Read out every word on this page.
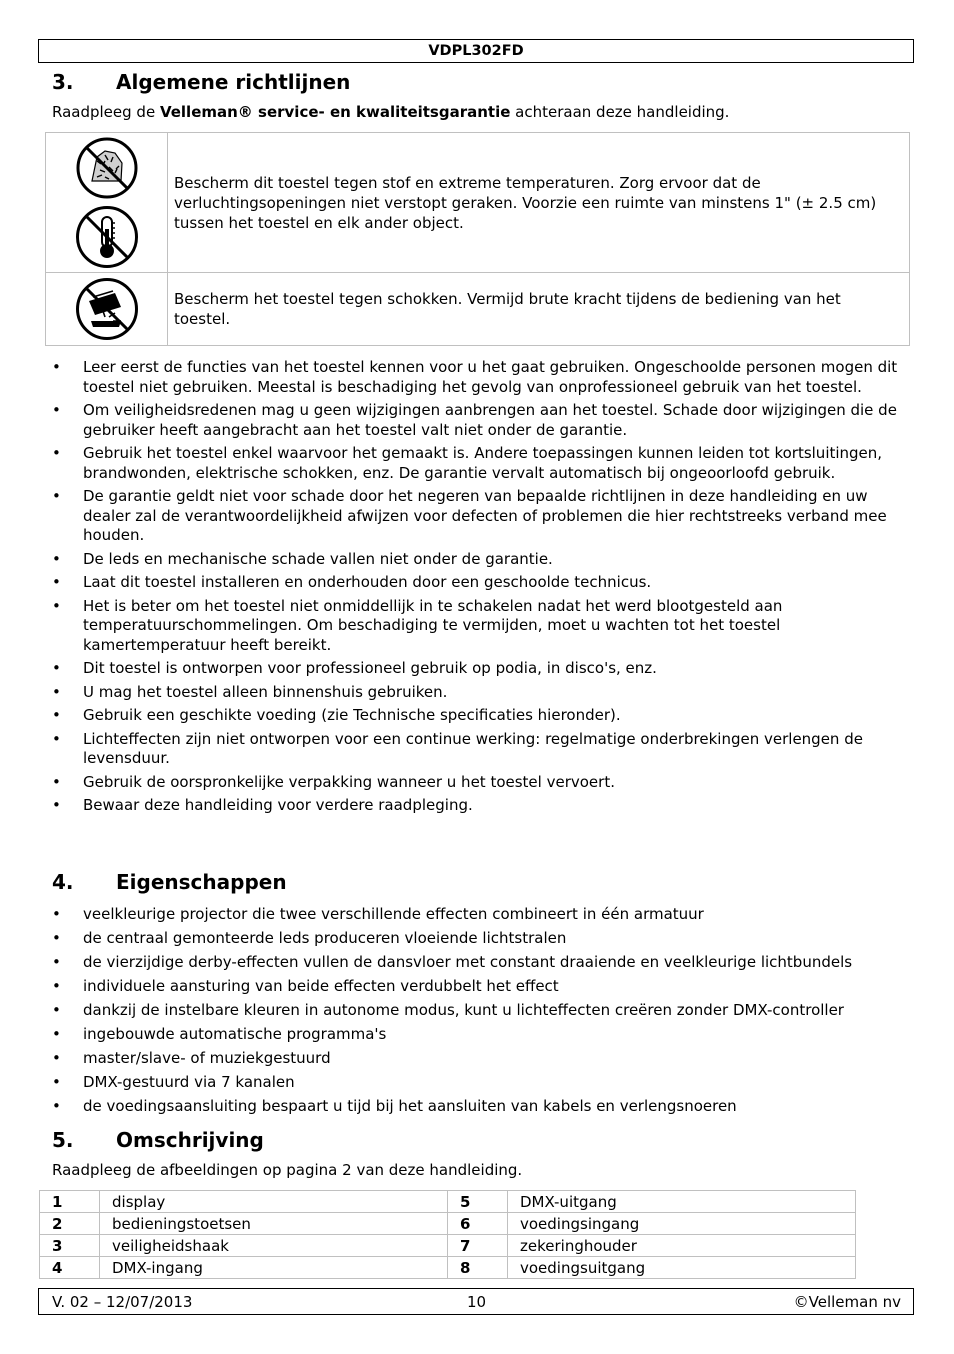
VDPL302FD
3. Algemene richtlijnen

Raadpleeg de Velleman® service- en kwaliteitsgarantie achteraan deze handleiding.

	Bescherm dit toestel tegen stof en extreme temperaturen. Zorg ervoor dat de verluchtingsopeningen niet verstopt geraken. Voorzie een ruimte van minstens 1" (± 2.5 cm) tussen het toestel en elk ander object.

	Bescherm het toestel tegen schokken. Vermijd brute kracht tijdens de bediening van het toestel.
• Leer eerst de functies van het toestel kennen voor u het gaat gebruiken. Ongeschoolde personen mogen dit toestel niet gebruiken. Meestal is beschadiging het gevolg van onprofessioneel gebruik van het toestel.
• Om veiligheidsredenen mag u geen wijzigingen aanbrengen aan het toestel. Schade door wijzigingen die de gebruiker heeft aangebracht aan het toestel valt niet onder de garantie.
• Gebruik het toestel enkel waarvoor het gemaakt is. Andere toepassingen kunnen leiden tot kortsluitingen, brandwonden, elektrische schokken, enz. De garantie vervalt automatisch bij ongeoorloofd gebruik.
• De garantie geldt niet voor schade door het negeren van bepaalde richtlijnen in deze handleiding en uw dealer zal de verantwoordelijkheid afwijzen voor defecten of problemen die hier rechtstreeks verband mee houden.
• De leds en mechanische schade vallen niet onder de garantie.
• Laat dit toestel installeren en onderhouden door een geschoolde technicus.
• Het is beter om het toestel niet onmiddellijk in te schakelen nadat het werd blootgesteld aan temperatuurschommelingen. Om beschadiging te vermijden, moet u wachten tot het toestel kamertemperatuur heeft bereikt.
• Dit toestel is ontworpen voor professioneel gebruik op podia, in disco's, enz.
• U mag het toestel alleen binnenshuis gebruiken.
• Gebruik een geschikte voeding (zie Technische specificaties hieronder).
• Lichteffecten zijn niet ontworpen voor een continue werking: regelmatige onderbrekingen verlengen de levensduur.
• Gebruik de oorspronkelijke verpakking wanneer u het toestel vervoert.
• Bewaar deze handleiding voor verdere raadpleging.
4. Eigenschappen
• veelkleurige projector die twee verschillende effecten combineert in één armatuur
• de centraal gemonteerde leds produceren vloeiende lichtstralen
• de vierzijdige derby-effecten vullen de dansvloer met constant draaiende en veelkleurige lichtbundels
• individuele aansturing van beide effecten verdubbelt het effect
• dankzij de instelbare kleuren in autonome modus, kunt u lichteffecten creëren zonder DMX-controller
• ingebouwde automatische programma's
• master/slave- of muziekgestuurd
• DMX-gestuurd via 7 kanalen
• de voedingsaansluiting bespaart u tijd bij het aansluiten van kabels en verlengsnoeren
5. Omschrijving

Raadpleeg de afbeeldingen op pagina 2 van deze handleiding.

1	display	5	DMX-uitgang
2	bedieningstoetsen	6	voedingsingang
3	veiligheidshaak	7	zekeringhouder
4	DMX-ingang	8	voedingsuitgang
V. 02 – 12/07/2013	10	©Velleman nv
